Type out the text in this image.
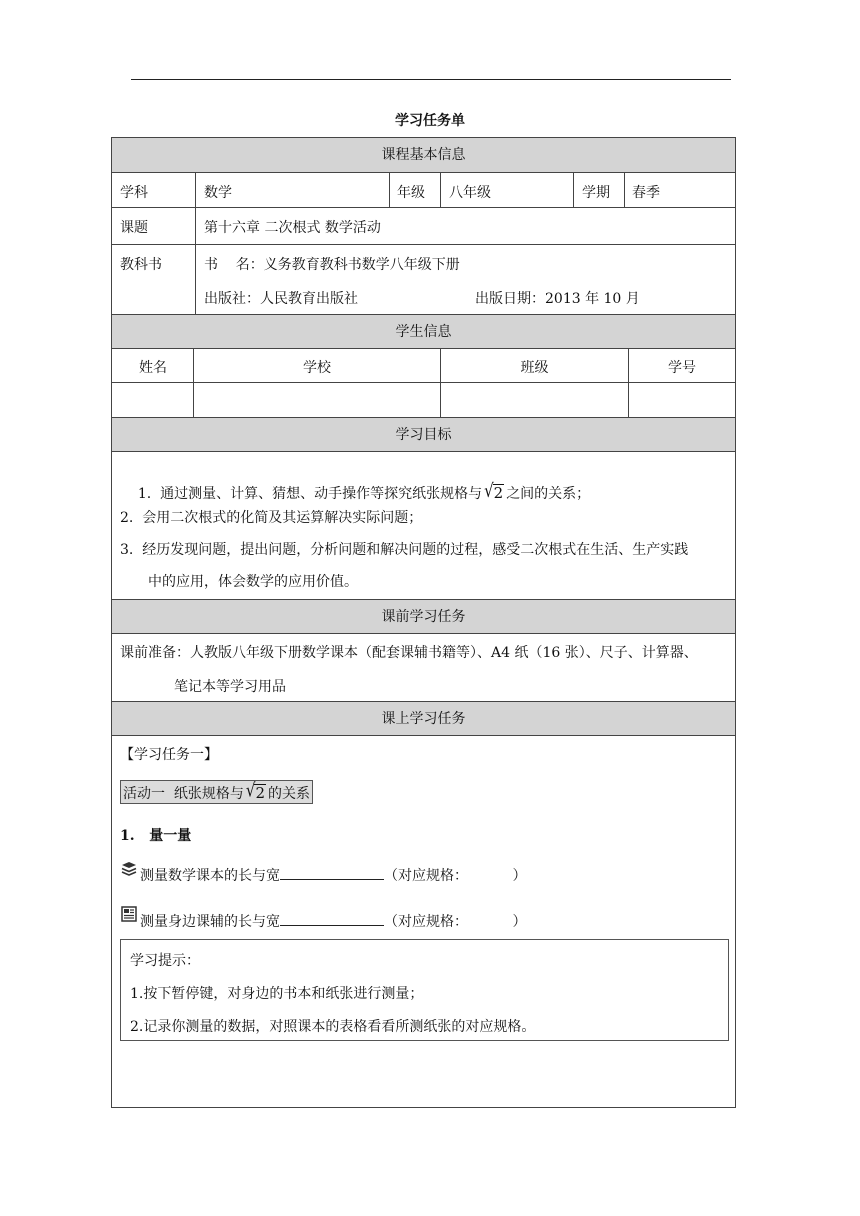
学习任务单
课程基本信息
学科	数学	年级 八年级	学期 春季
课题	第十六章 二次根式 数学活动
教科书	书    名：义务教育教科书数学八年级下册
出版社：人民教育出版社	出版日期：2013 年 10 月
学生信息
姓名	学校	班级	学号
学习目标

1.  通过测量、计算、猜想、动手操作等探究纸张规格与 √2 之间的关系；

2.  会用二次根式的化简及其运算解决实际问题；
3.  经历发现问题，提出问题，分析问题和解决问题的过程，感受二次根式在生活、生产实践
中的应用，体会数学的应用价值。
课前学习任务
课前准备：人教版八年级下册数学课本（配套课辅书籍等）、A4 纸（16 张）、尺子、计算器、
笔记本等学习用品
课上学习任务
【学习任务一】
活动一  纸张规格与 √2 的关系
1.   量一量
测量数学课本的长与宽	（对应规格：          ）
测量身边课辅的长与宽	（对应规格：          ）
学习提示：
1.按下暂停键，对身边的书本和纸张进行测量；
2.记录你测量的数据，对照课本的表格看看所测纸张的对应规格。
